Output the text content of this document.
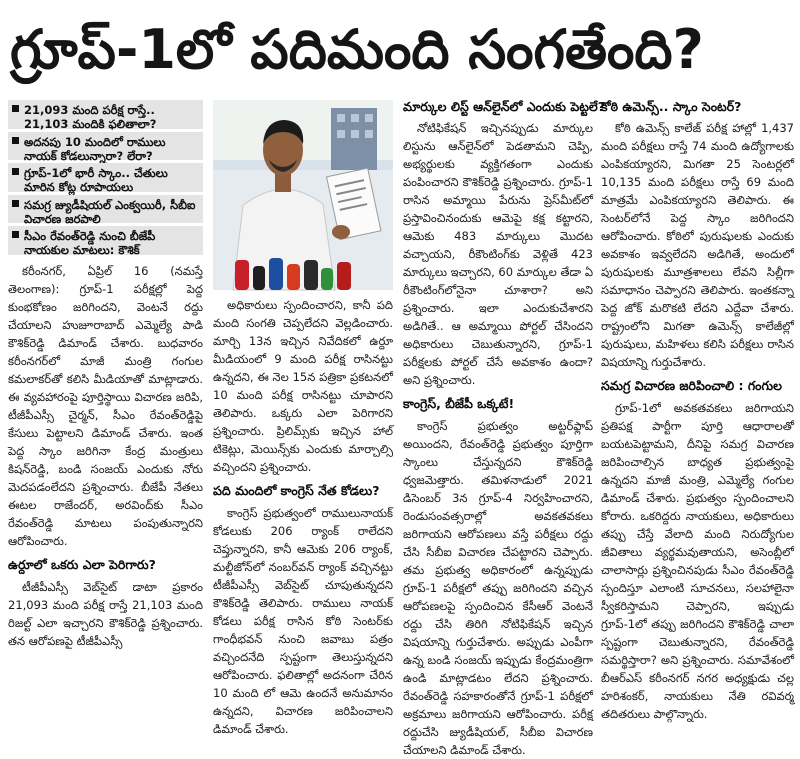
గ్రూప్‌-1లో పదిమంది సంగతేంది?
21,093 మంది పరీక్ష రాస్తే.. 21,103 మందికి ఫలితాలా?
అదనపు 10 మందిలో రాములు నాయక్‌ కోడలున్నారా? లేరా?
గ్రూప్‌-1లో భారీ స్కాం.. చేతులు మారిన కోట్ల రూపాయలు
సమగ్ర జ్యుడీషియల్‌ ఎంక్వయిరీ, సీబీఐ విచారణ జరపాలి
సీఎం రేవంత్‌రెడ్డి నుంచి బీజేపీ నాయకుల మాటలు: కౌశిక్‌

కరీంనగర్‌, ఏప్రిల్‌ 16 (నమస్తే తెలంగాణ): గ్రూప్‌-1 పరీక్షల్లో పెద్ద కుంభకోణం జరిగిందని, వెంటనే రద్దు చేయాలని హుజూరాబాద్‌ ఎమ్మెల్యే పాడి కౌశిక్‌రెడ్డి డిమాండ్‌ చేశారు. బుధవారం కరీంనగర్‌లో మాజీ మంత్రి గంగుల కమలాకర్‌తో కలిసి మీడియాతో మాట్లాడారు. ఈ వ్యవహారంపై పూర్తిస్థాయి విచారణ జరిపి, టీజీపీఎస్సీ చైర్మన్‌, సీఎం రేవంత్‌రెడ్డిపై కేసులు పెట్టాలని డిమాండ్‌ చేశారు. ఇంత పెద్ద స్కాం జరిగినా కేంద్ర మంత్రులు కిషన్‌రెడ్డి, బండి సంజయ్‌ ఎందుకు నోరు మెదపడంలేదని ప్రశ్నించారు. బీజేపీ నేతలు ఈటల రాజేందర్‌, అరవింద్‌కు సీఎం రేవంత్‌రెడ్డి మాటలు పంపుతున్నారని ఆరోపించారు.

ఉర్దూలో ఒకరు ఎలా పెరిగారు?

టీజీపీఎస్సీ వెబ్‌సైట్‌ డాటా ప్రకారం 21,093 మంది పరీక్ష రాస్తే 21,103 మంది రిజల్ట్‌ ఎలా ఇచ్చారని కౌశిక్‌రెడ్డి ప్రశ్నించారు. తన ఆరోపణపై టీజీపీఎస్సీ

అధికారులు స్పందించారని, కానీ పది మంది సంగతి చెప్పలేదని వెల్లడించారు. మార్చి 13న ఇచ్చిన నివేదికలో ఉర్దూ మీడియంలో 9 మంది పరీక్ష రాసినట్టు ఉన్నదని, ఈ నెల 15న పత్రికా ప్రకటనలో 10 మంది పరీక్ష రాసినట్టు చూపారని తెలిపారు. ఒక్కరు ఎలా పెరిగారని ప్రశ్నించారు. ప్రిలిమ్స్‌కు ఇచ్చిన హాల్‌ టికెట్లు, మెయిన్స్‌కు ఎందుకు మార్చాల్సి వచ్చిందని ప్రశ్నించారు.

పది మందిలో కాంగ్రెస్‌ నేత కోడలు?

కాంగ్రెస్‌ ప్రభుత్వంలో రాములునాయక్‌ కోడలుకు 206 ర్యాంక్‌ రాలేదని చెప్తున్నారని, కానీ ఆమెకు 206 ర్యాంక్‌, మల్టీజోన్‌లో నంబర్‌వన్‌ ర్యాంక్‌ వచ్చినట్టు టీజీపీఎస్సీ వెబ్‌సైట్‌ చూపుతున్నదని కౌశిక్‌రెడ్డి తెలిపారు. రాములు నాయక్‌ కోడలు పరీక్ష రాసిన కోఠి సెంటర్‌కు గాంధీభవన్‌ నుంచి జవాబు పత్రం వచ్చిందనేది స్పష్టంగా తెలుస్తున్నదని ఆరోపించారు. ఫలితాల్లో అదనంగా చేరిన 10 మంది లో ఆమె ఉందనే అనుమానం ఉన్నదని, విచారణ జరిపించాలని డిమాండ్‌ చేశారు.

మార్కుల లిస్ట్‌ ఆన్‌లైన్‌లో ఎందుకు పెట్టలే?

నోటిఫికేషన్‌ ఇచ్చినప్పుడు మార్కుల లిస్టును ఆన్‌లైన్‌లో పెడతామని చెప్పి, అభ్యర్థులకు వ్యక్తిగతంగా ఎందుకు పంపించారని కౌశిక్‌రెడ్డి ప్రశ్నించారు. గ్రూప్‌-1 రాసిన అమ్మాయి పేరును ప్రెస్‌మీట్‌లో ప్రస్తావించినందుకు ఆమెపై కక్ష కట్టారని, ఆమెకు 483 మార్కులు మొదట వచ్చాయని, రీకౌంటింగ్‌కు వెళ్లితే 423 మార్కులు ఇచ్చారని, 60 మార్కుల తేడా ఏ రీకౌంటింగ్‌లోనైనా చూశారా? అని ప్రశ్నించారు. ఇలా ఎందుకుచేశారని అడిగితే.. ఆ అమ్మాయి పోర్టల్‌ చేసిందని అధికారులు చెబుతున్నారని, గ్రూప్‌-1 పరీక్షలకు పోర్టల్‌ చేసే అవకాశం ఉందా? అని ప్రశ్నించారు.

కాంగ్రెస్‌, బీజేపీ ఒక్కటే!

కాంగ్రెస్‌ ప్రభుత్వం అట్టర్‌ఫ్లాప్‌ అయిందని, రేవంత్‌రెడ్డి ప్రభుత్వం పూర్తిగా స్కాంలు చేస్తున్నదని కౌశిక్‌రెడ్డి ధ్వజమెత్తారు. తమిళనాడులో 2021 డిసెంబర్‌ 3న గ్రూప్‌-4 నిర్వహించారని, రెండుసంవత్సరాల్లో అవకతవకలు జరిగాయని ఆరోపణలు వస్తే పరీక్షలు రద్దు చేసి సీబీఐ విచారణ చేపట్టారని చెప్పారు. తమ ప్రభుత్వ అధికారంలో ఉన్నప్పుడు గ్రూప్‌-1 పరీక్షలో తప్పు జరిగిందని వచ్చిన ఆరోపణలపై స్పందించిన కేసీఆర్‌ వెంటనే రద్దు చేసి తిరిగి నోటిఫికేషన్‌ ఇచ్చిన విషయాన్ని గుర్తుచేశారు. అప్పుడు ఎంపీగా ఉన్న బండి సంజయ్‌ ఇప్పుడు కేంద్రమంత్రిగా ఉండి మాట్లాడటం లేదని ప్రశ్నించారు. రేవంత్‌రెడ్డి సహకారంతోనే గ్రూప్‌-1 పరీక్షలో అక్రమాలు జరిగాయని ఆరోపించారు. పరీక్ష రద్దుచేసి జ్యుడీషియల్‌, సీబీఐ విచారణ చేయాలని డిమాండ్‌ చేశారు.

కోఠి ఉమెన్స్‌.. స్కాం సెంటర్‌?

కోఠి ఉమెన్స్‌ కాలేజ్‌ పరీక్ష హాల్లో 1,437 మంది పరీక్షలు రాస్తే 74 మంది ఉద్యోగాలకు ఎంపికయ్యారని, మిగతా 25 సెంటర్లలో 10,135 మంది పరీక్షలు రాస్తే 69 మంది మాత్రమే ఎంపికయ్యారని తెలిపారు. ఈ సెంటర్‌లోనే పెద్ద స్కాం జరిగిందని ఆరోపించారు. కోఠిలో పురుషులకు ఎందుకు అవకాశం ఇవ్వలేదని అడిగితే, అందులో పురుషులకు మూత్రశాలలు లేవని సిల్లీగా సమాధానం చెప్పారని తెలిపారు. ఇంతకన్నా పెద్ద జోక్‌ మరొకటి లేదని ఎద్దేవా చేశారు. రాష్ట్రంలోని మిగతా ఉమెన్స్‌ కాలేజీల్లో పురుషులు, మహిళలు కలిసి పరీక్షలు రాసిన విషయాన్ని గుర్తుచేశారు.

సమగ్ర విచారణ జరిపించాలి : గంగుల

గ్రూప్‌-1లో అవకతవకలు జరిగాయని ప్రతిపక్ష పార్టీగా పూర్తి ఆధారాలతో బయటపెట్టామని, దీనిపై సమగ్ర విచారణ జరిపించాల్సిన బాధ్యత ప్రభుత్వంపై ఉన్నదని మాజీ మంత్రి, ఎమ్మెల్యే గంగుల డిమాండ్‌ చేశారు. ప్రభుత్వం స్పందించాలని కోరారు. ఒకరిద్దరు నాయకులు, అధికారులు తప్పు చేస్తే వేలాది మంది నిరుద్యోగుల జీవితాలు వ్యర్థమవుతాయని, అసెంబ్లీలో చాలాసార్లు ప్రశ్నించినపుడు సీఎం రేవంత్‌రెడ్డి స్పందిస్తూ ఎలాంటి సూచనలు, సలహాలైనా స్వీకరిస్తామని చెప్పారని, ఇప్పుడు గ్రూప్‌-1లో తప్పు జరిగిందని కౌశిక్‌రెడ్డి చాలా స్పష్టంగా చెబుతున్నారని, రేవంత్‌రెడ్డి సమర్థిస్తారా? అని ప్రశ్నించారు. సమావేశంలో బీఆర్‌ఎస్‌ కరీంనగర్‌ నగర అధ్యక్షుడు చల్ల హరిశంకర్‌, నాయకులు నేతి రవివర్మ తదితరులు పాల్గొన్నారు.
